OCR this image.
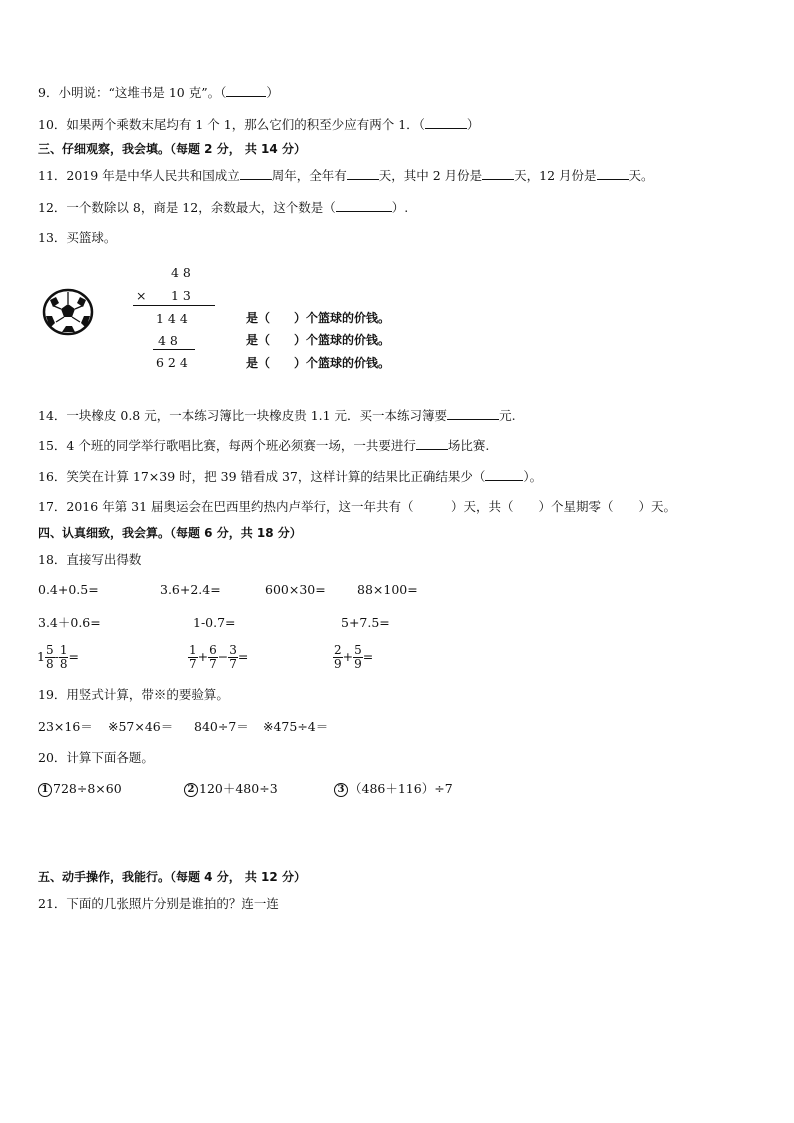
9．小明说：“这堆书是 10 克”。（	）
10．如果两个乘数末尾均有 1 个 1，那么它们的积至少应有两个 1．（	）
三、仔细观察，我会填。（每题 2 分， 共 14 分）
11．2019 年是中华人民共和国成立	周年，全年有	天，其中 2 月份是	天，12 月份是	天。
12．一个数除以 8，商是 12，余数最大，这个数是（	）.
13．买篮球。
4 8
× 1 3
1 4 4
4 8
6 2 4
是（　　）个篮球的价钱。
是（　　）个篮球的价钱。
是（　　）个篮球的价钱。
14．一块橡皮 0.8 元，一本练习簿比一块橡皮贵 1.1 元．买一本练习簿要	元.
15．4 个班的同学举行歌唱比赛，每两个班必须赛一场，一共要进行	场比赛.
16．笑笑在计算 17×39 时，把 39 错看成 37，这样计算的结果比正确结果少（	）。
17．2016 年第 31 届奥运会在巴西里约热内卢举行，这一年共有（　　　）天，共（　　）个星期零（　　）天。
四、认真细致，我会算。（每题 6 分，共 18 分）
18．直接写出得数
0.4+0.5=	3.6+2.4=	600×30=	88×100=
3.4＋0.6=	1-0.7=	5+7.5=
$1 \frac{5}{8} - \frac{1}{8}$ =	$\frac{1}{7} + \frac{6}{7} - \frac{3}{7}$ =	$\frac{2}{9} + \frac{5}{9}$ =
19．用竖式计算，带※的要验算。
23×16＝ ※57×46＝ 840÷7＝ ※475÷4＝
20．计算下面各题。
1 728÷8×60	2 120＋480÷3	3 （486＋116）÷7
五、动手操作，我能行。（每题 4 分， 共 12 分）
21．下面的几张照片分别是谁拍的？连一连
